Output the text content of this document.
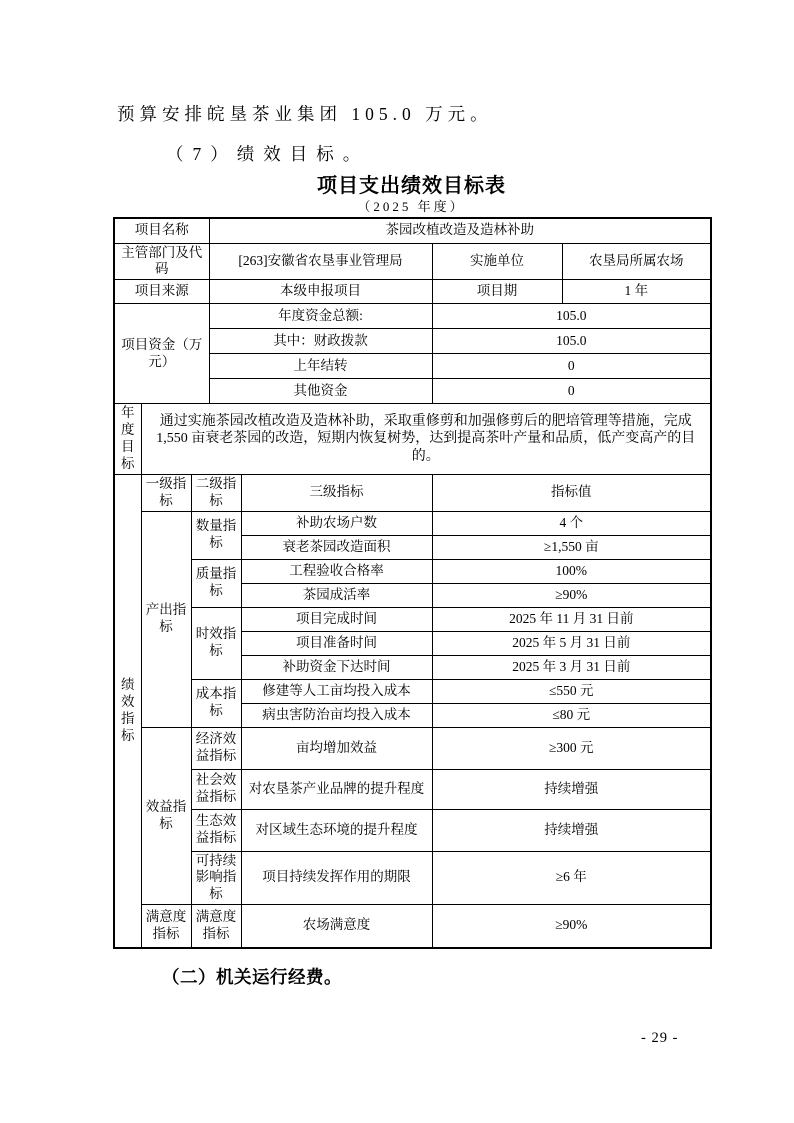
预算安排皖垦茶业集团 105.0 万元。
（7）绩效目标。
项目支出绩效目标表
（2025 年度）
项目名称			茶园改植改造及造林补助			
主管部门及代码			[263]安徽省农垦事业管理局		实施单位	农垦局所属农场
项目来源			本级申报项目		项目期	1 年
项目资金（万元）			年度资金总额:		105.0	
			其中：财政拨款		105.0	
			上年结转		0	
			其他资金		0	
年度目标	通过实施茶园改植改造及造林补助，采取重修剪和加强修剪后的肥培管理等措施，完成 1,550 亩衰老茶园的改造，短期内恢复树势，达到提高茶叶产量和品质，低产变高产的目的。					
绩效指标	一级指标	二级指标		三级指标	指标值	
	产出指标	数量指标		补助农场户数	4 个	
				衰老茶园改造面积	≥1,550 亩	
		质量指标		工程验收合格率	100%	
				茶园成活率	≥90%	
		时效指标		项目完成时间	2025 年 11 月 31 日前	
				项目准备时间	2025 年 5 月 31 日前	
				补助资金下达时间	2025 年 3 月 31 日前	
		成本指标		修建等人工亩均投入成本	≤550 元	
				病虫害防治亩均投入成本	≤80 元	
	效益指标	经济效益指标		亩均增加效益	≥300 元	
		社会效益指标		对农垦茶产业品牌的提升程度	持续增强	
		生态效益指标		对区域生态环境的提升程度	持续增强	
		可持续影响指标		项目持续发挥作用的期限	≥6 年	
	满意度指标	满意度指标		农场满意度	≥90%	
（二）机关运行经费。
- 29 -
